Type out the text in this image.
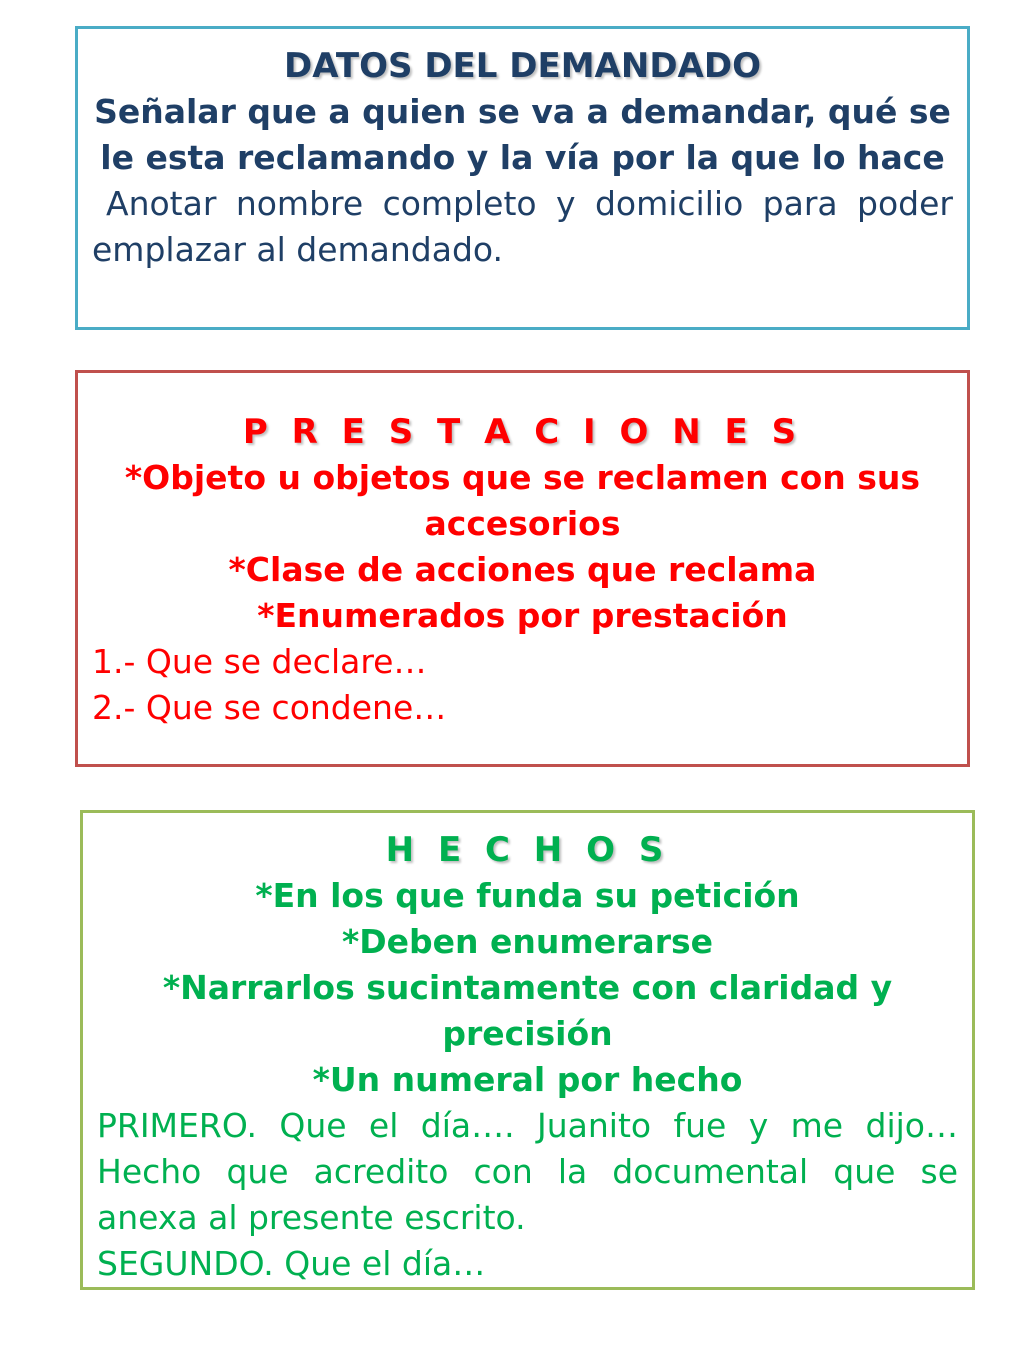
DATOS DEL DEMANDADO
Señalar que a quien se va a demandar, qué se le esta reclamando y la vía por la que lo hace
Anotar nombre completo y domicilio para poder emplazar al demandado.
P R E S T A C I O N E S
*Objeto u objetos que se reclamen con sus accesorios
*Clase de acciones que reclama
*Enumerados por prestación
1.- Que se declare…
2.- Que se condene…
H E C H O S
*En los que funda su petición
*Deben enumerarse
*Narrarlos sucintamente con claridad y precisión
*Un numeral por hecho
PRIMERO. Que el día…. Juanito fue y me dijo…Hecho que acredito con la documental que se anexa al presente escrito.
SEGUNDO. Que el día…
